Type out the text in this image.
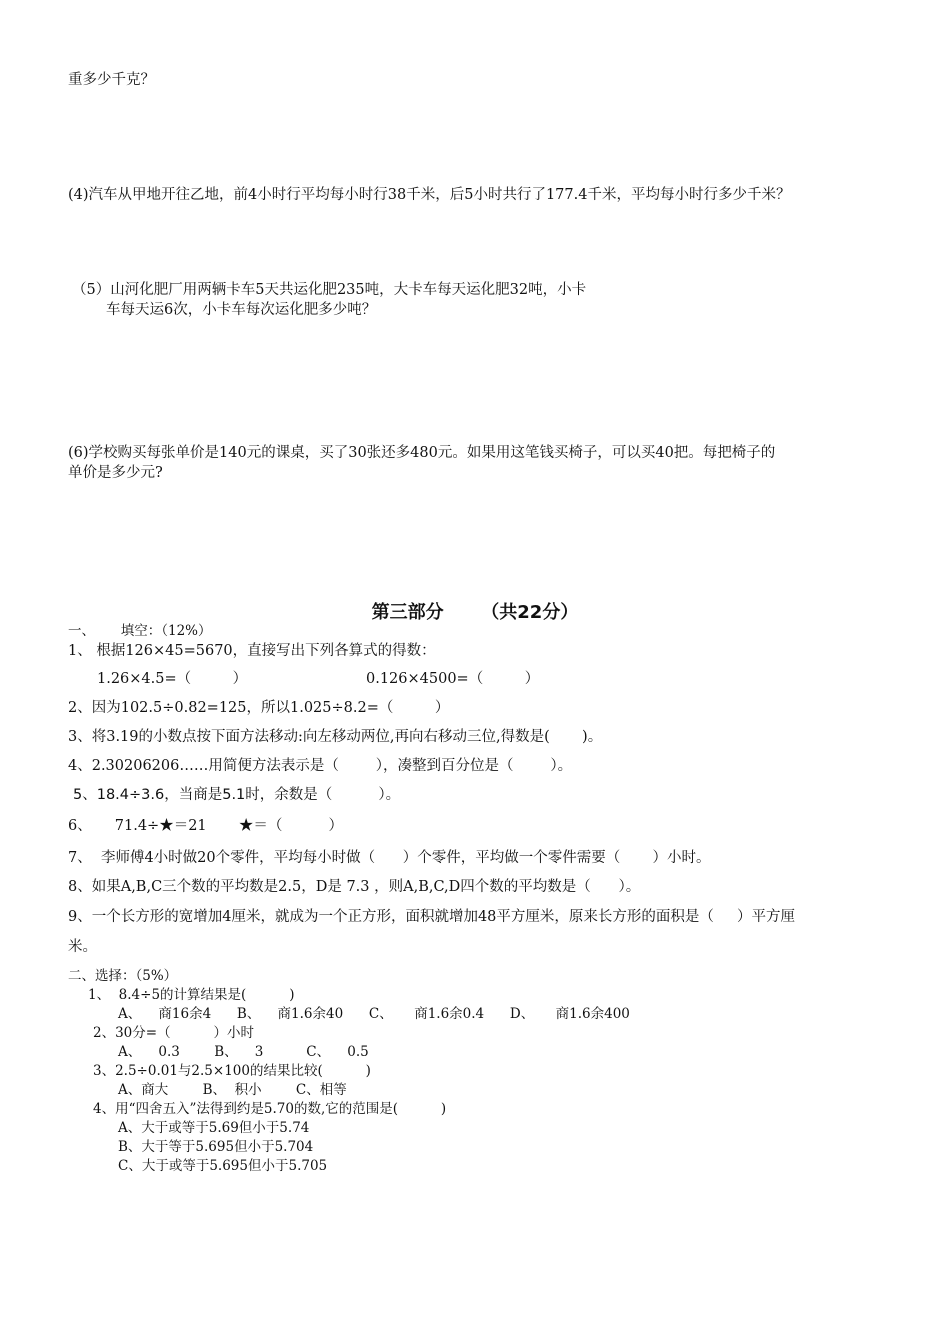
重多少千克？
(4)汽车从甲地开往乙地，前4小时行平均每小时行38千米，后5小时共行了177.4千米，平均每小时行多少千米？
（5）山河化肥厂用两辆卡车5天共运化肥235吨，大卡车每天运化肥32吨，小卡
车每天运6次，小卡车每次运化肥多少吨？
(6)学校购买每张单价是140元的课桌，买了30张还多480元。如果用这笔钱买椅子，可以买40把。每把椅子的
单价是多少元?
第三部分      （共22分）
一、      填空：（12%）
1、 根据126×45=5670，直接写出下列各算式的得数：
1.26×4.5=（         ）	0.126×4500=（         ）
2、因为102.5÷0.82=125，所以1.025÷8.2=（         ）
3、将3.19的小数点按下面方法移动:向左移动两位,再向右移动三位,得数是(       )。
4、2.30206206……用简便方法表示是（        ），凑整到百分位是（        ）。
5、18.4÷3.6，当商是5.1时，余数是（          ）。
6、     71.4÷★＝21       ★＝（          ）
7、  李师傅4小时做20个零件，平均每小时做（      ）个零件，平均做一个零件需要（       ）小时。
8、如果A,B,C三个数的平均数是2.5，D是 7.3 ，则A,B,C,D四个数的平均数是（      ）。
9、一个长方形的宽增加4厘米，就成为一个正方形，面积就增加48平方厘米，原来长方形的面积是（     ）平方厘
米。
二、选择：（5%）
1、  8.4÷5的计算结果是(          )
A、    商16余4      B、    商1.6余40      C、     商1.6余0.4      D、     商1.6余400
2、30分=（          ）小时
A、    0.3        B、    3          C、    0.5
3、2.5÷0.01与2.5×100的结果比较(          )
A、商大        B、  积小        C、相等
4、用“四舍五入”法得到约是5.70的数,它的范围是(          )
A、大于或等于5.69但小于5.74
B、大于等于5.695但小于5.704
C、大于或等于5.695但小于5.705
